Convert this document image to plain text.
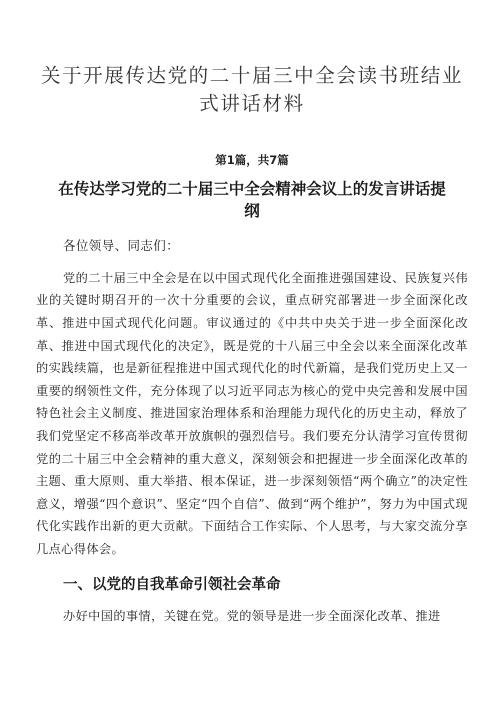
关于开展传达党的二十届三中全会读书班结业式讲话材料
第1篇，共7篇
在传达学习党的二十届三中全会精神会议上的发言讲话提纲
各位领导、同志们：

党的二十届三中全会是在以中国式现代化全面推进强国建设、民族复兴伟业的关键时期召开的一次十分重要的会议，重点研究部署进一步全面深化改革、推进中国式现代化问题。审议通过的《中共中央关于进一步全面深化改革、推进中国式现代化的决定》，既是党的十八届三中全会以来全面深化改革的实践续篇，也是新征程推进中国式现代化的时代新篇，是我们党历史上又一重要的纲领性文件，充分体现了以习近平同志为核心的党中央完善和发展中国特色社会主义制度、推进国家治理体系和治理能力现代化的历史主动，释放了我们党坚定不移高举改革开放旗帜的强烈信号。我们要充分认清学习宣传贯彻党的二十届三中全会精神的重大意义，深刻领会和把握进一步全面深化改革的主题、重大原则、重大举措、根本保证，进一步深刻领悟“两个确立”的决定性意义，增强“四个意识”、坚定“四个自信”、做到“两个维护”，努力为中国式现代化实践作出新的更大贡献。下面结合工作实际、个人思考，与大家交流分享几点心得体会。

一、以党的自我革命引领社会革命

办好中国的事情，关键在党。党的领导是进一步全面深化改革、推进
